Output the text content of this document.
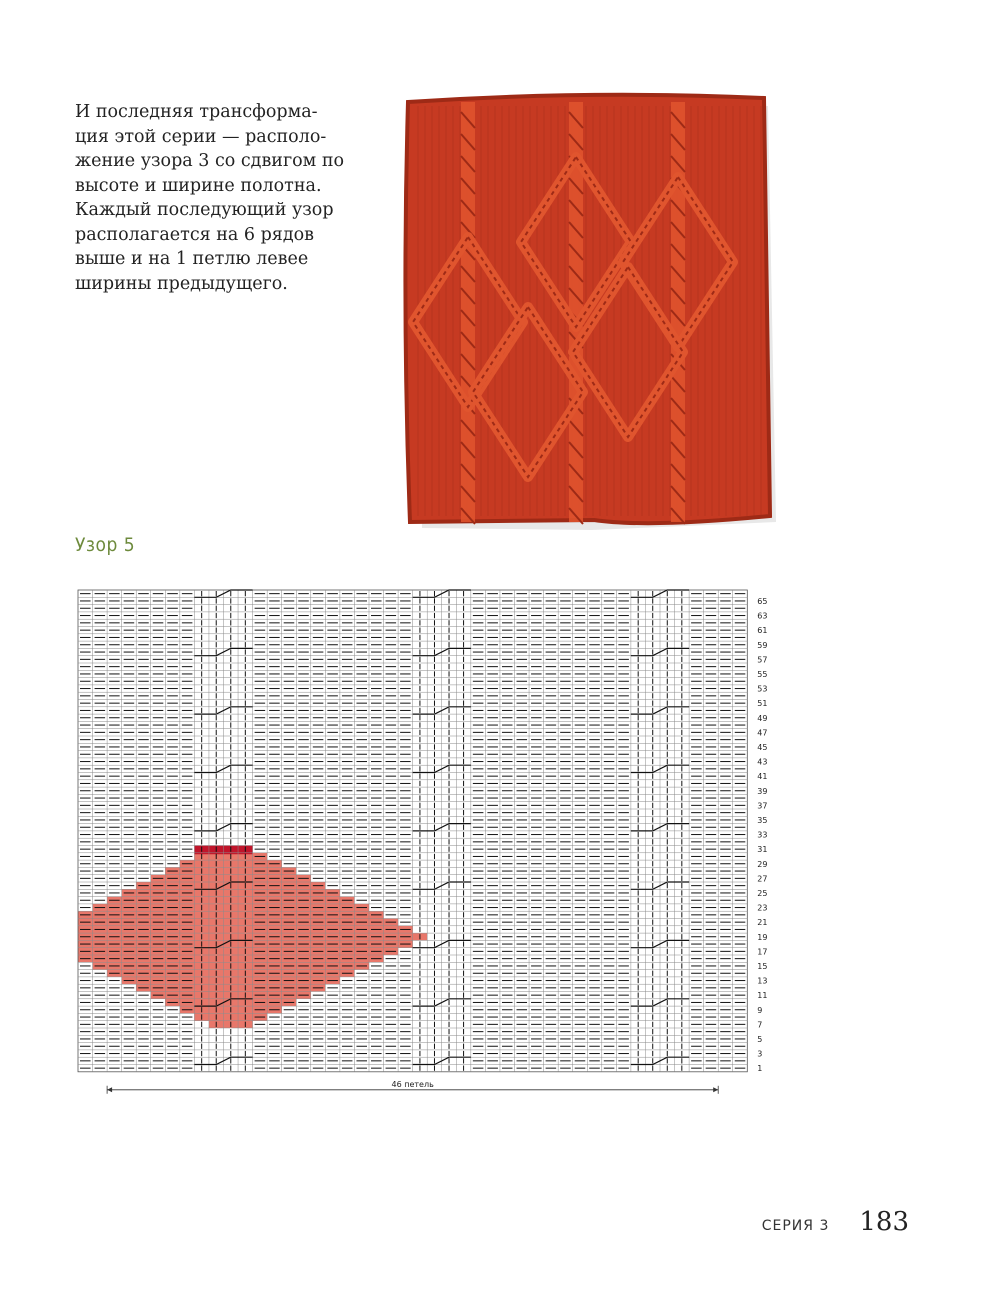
И последняя трансформа-
ция этой серии — располо-
жение узора 3 со сдвигом по
высоте и ширине полотна.
Каждый последующий узор
располагается на 6 рядов
выше и на 1 петлю левее
ширины предыдущего.
Узор 5
65
63
61
59
57
55
53
51
49
47
45
43
41
39
37
35
33
31
29
27
25
23
21
19
17
15
13
11
9
7
5
3
1
46 петель
СЕРИЯ 3 183
